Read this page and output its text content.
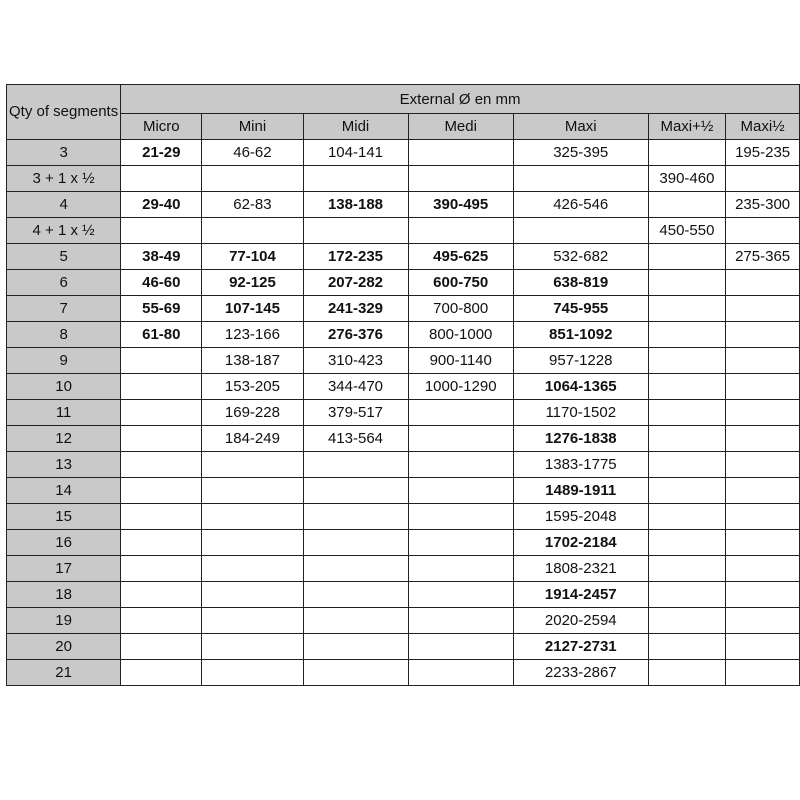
Qty of segments	External Ø en mm						
	Micro	Mini	Midi	Medi	Maxi	Maxi+½	Maxi½
3	21-29	46-62	104-141		325-395		195-235
3 + 1 x ½						390-460	
4	29-40	62-83	138-188	390-495	426-546		235-300
4 + 1 x ½						450-550	
5	38-49	77-104	172-235	495-625	532-682		275-365
6	46-60	92-125	207-282	600-750	638-819		
7	55-69	107-145	241-329	700-800	745-955		
8	61-80	123-166	276-376	800-1000	851-1092		
9		138-187	310-423	900-1140	957-1228		
10		153-205	344-470	1000-1290	1064-1365		
11		169-228	379-517		1170-1502		
12		184-249	413-564		1276-1838		
13					1383-1775		
14					1489-1911		
15					1595-2048		
16					1702-2184		
17					1808-2321		
18					1914-2457		
19					2020-2594		
20					2127-2731		
21					2233-2867		
